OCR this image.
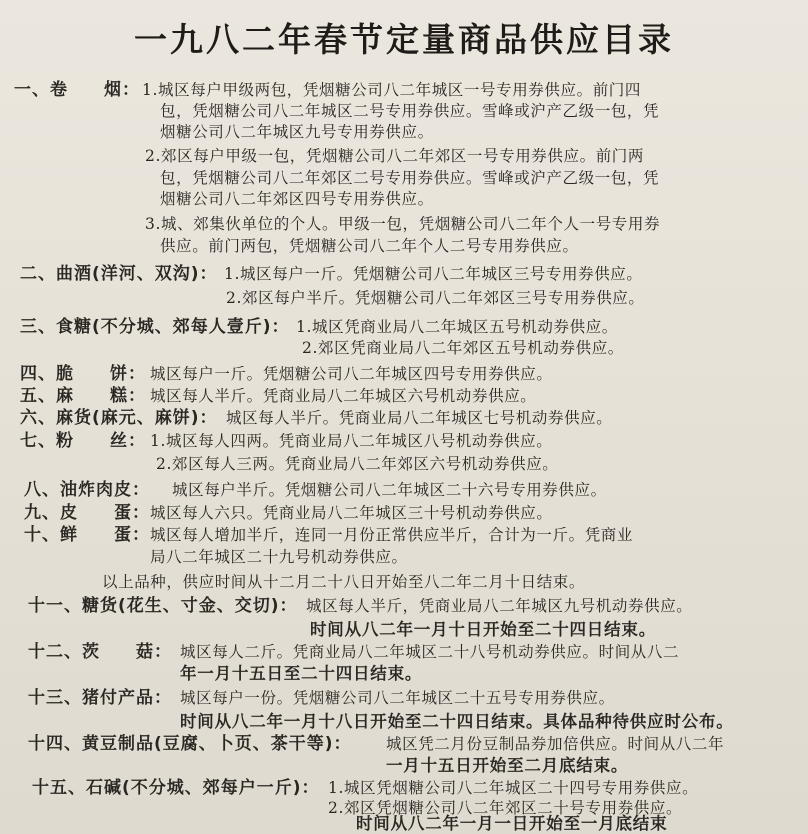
一九八二年春节定量商品供应目录
一、卷　　烟： 1.城区每户甲级两包，凭烟糖公司八二年城区一号专用券供应。前门四
包，凭烟糖公司八二年城区二号专用券供应。雪峰或沪产乙级一包，凭
烟糖公司八二年城区九号专用券供应。
2.郊区每户甲级一包，凭烟糖公司八二年郊区一号专用券供应。前门两
包，凭烟糖公司八二年郊区二号专用券供应。雪峰或沪产乙级一包，凭
烟糖公司八二年郊区四号专用券供应。
3.城、郊集伙单位的个人。甲级一包，凭烟糖公司八二年个人一号专用券
供应。前门两包，凭烟糖公司八二年个人二号专用券供应。
二、曲酒(洋河、双沟)： 1.城区每户一斤。凭烟糖公司八二年城区三号专用券供应。
2.郊区每户半斤。凭烟糖公司八二年郊区三号专用券供应。
三、食糖(不分城、郊每人壹斤)： 1.城区凭商业局八二年城区五号机动券供应。
2.郊区凭商业局八二年郊区五号机动券供应。
四、脆　　饼： 城区每户一斤。凭烟糖公司八二年城区四号专用券供应。
五、麻　　糕： 城区每人半斤。凭商业局八二年城区六号机动券供应。
六、麻货(麻元、麻饼)： 城区每人半斤。凭商业局八二年城区七号机动券供应。
七、粉　　丝： 1.城区每人四两。凭商业局八二年城区八号机动券供应。
2.郊区每人三两。凭商业局八二年郊区六号机动券供应。
八、油炸肉皮： 城区每户半斤。凭烟糖公司八二年城区二十六号专用券供应。
九、皮　　蛋： 城区每人六只。凭商业局八二年城区三十号机动券供应。
十、鲜　　蛋： 城区每人增加半斤，连同一月份正常供应半斤，合计为一斤。凭商业
局八二年城区二十九号机动券供应。
以上品种，供应时间从十二月二十八日开始至八二年二月十日结束。
十一、糖货(花生、寸金、交切)： 城区每人半斤，凭商业局八二年城区九号机动券供应。
时间从八二年一月十日开始至二十四日结束。
十二、茨　　菇： 城区每人二斤。凭商业局八二年城区二十八号机动券供应。时间从八二
年一月十五日至二十四日结束。
十三、猪付产品： 城区每户一份。凭烟糖公司八二年城区二十五号专用券供应。
时间从八二年一月十八日开始至二十四日结束。具体品种待供应时公布。
十四、黄豆制品(豆腐、卜页、茶干等)： 城区凭二月份豆制品券加倍供应。时间从八二年
一月十五日开始至二月底结束。
十五、石碱(不分城、郊每户一斤)： 1.城区凭烟糖公司八二年城区二十四号专用券供应。
2.郊区凭烟糖公司八二年郊区二十号专用券供应。
时间从八二年一月一日开始至一月底结束
